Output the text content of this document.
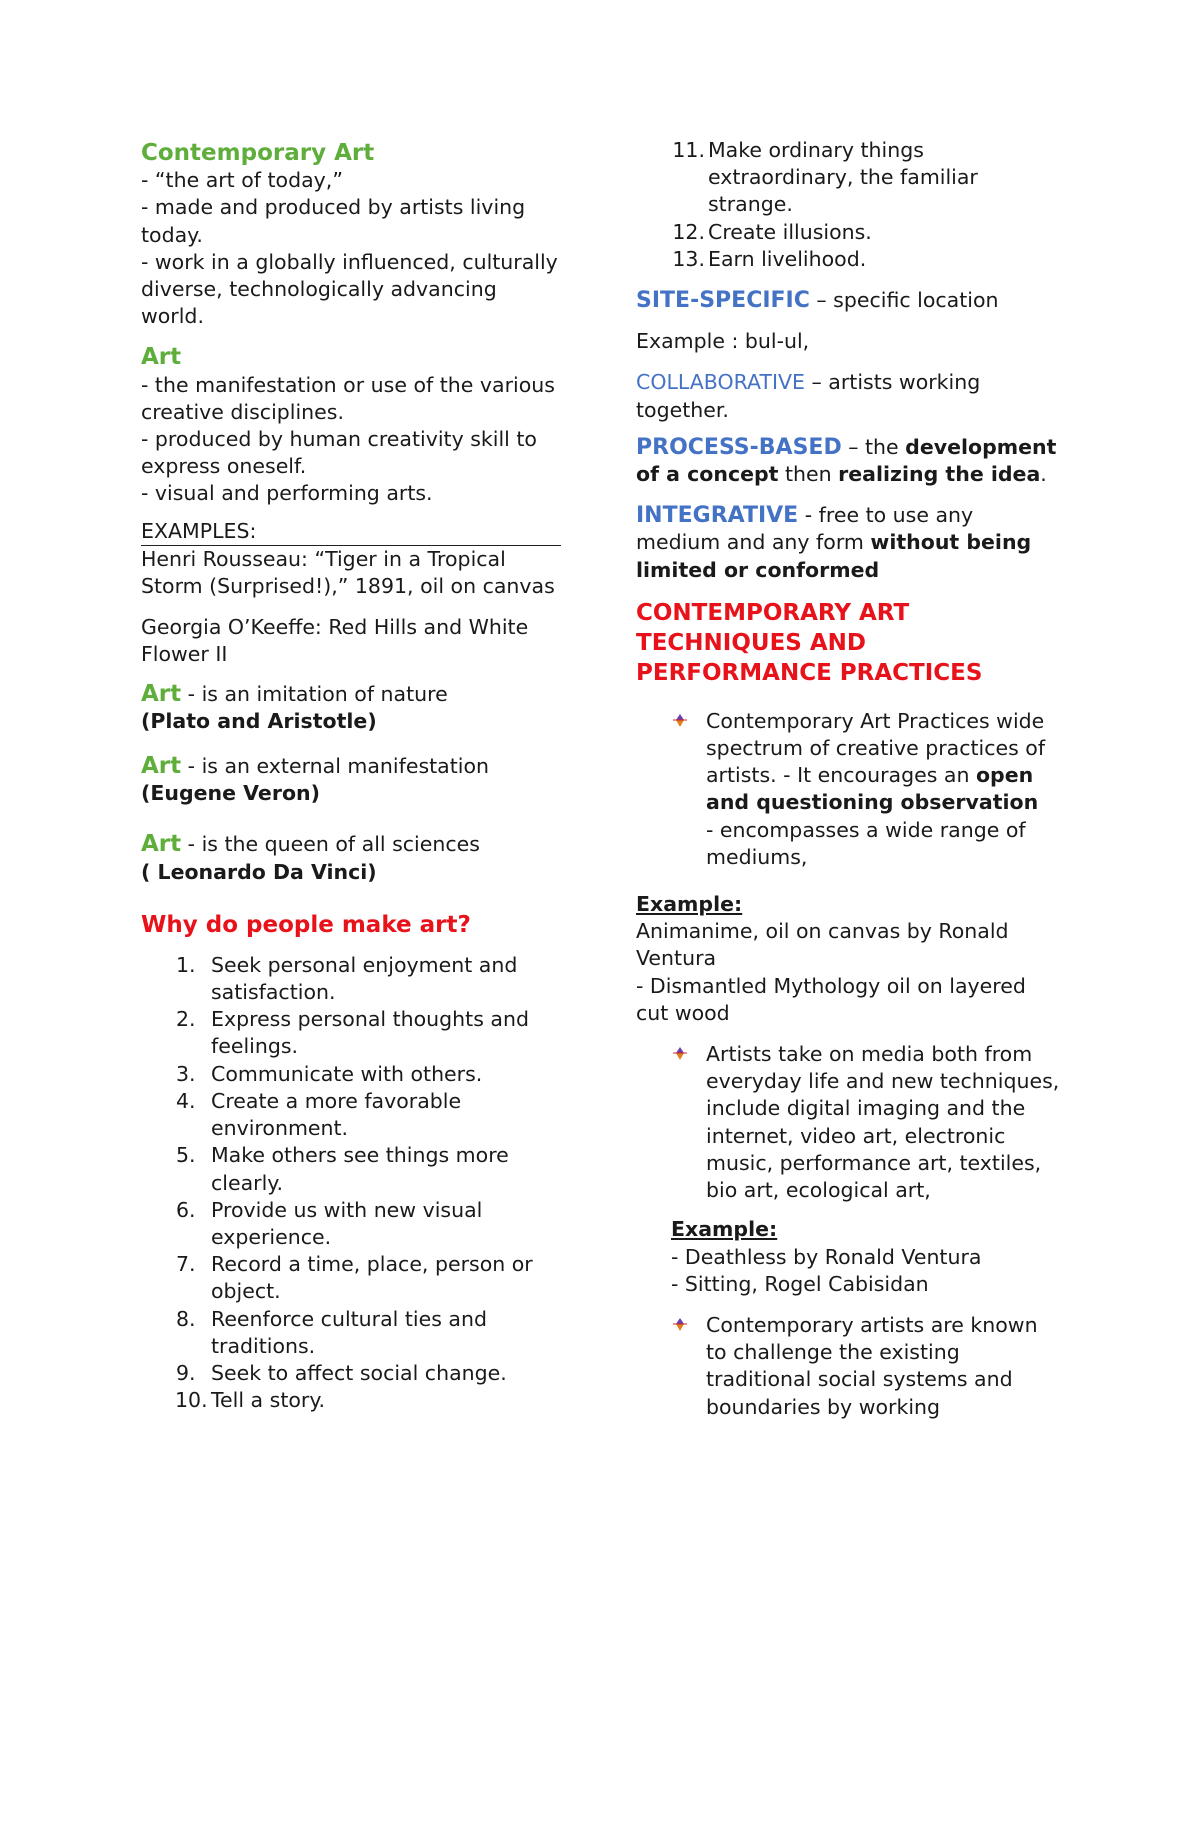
Contemporary Art

- “the art of today,”

- made and produced by artists living today.

- work in a globally influenced, culturally diverse, technologically advancing world.

Art

- the manifestation or use of the various creative disciplines.

- produced by human creativity skill to express oneself.

- visual and performing arts.

EXAMPLES:

Henri Rousseau: “Tiger in a Tropical Storm (Surprised!),” 1891, oil on canvas

Georgia O’Keeffe: Red Hills and White Flower II

Art - is an imitation of nature

(Plato and Aristotle)

Art - is an external manifestation

(Eugene Veron)

Art - is the queen of all sciences

( Leonardo Da Vinci)

Why do people make art?

1. Seek personal enjoyment and satisfaction.
2. Express personal thoughts and feelings.
3. Communicate with others.
4. Create a more favorable environment.
5. Make others see things more clearly.
6. Provide us with new visual experience.
7. Record a time, place, person or object.
8. Reenforce cultural ties and traditions.
9. Seek to affect social change.
10. Tell a story.
11. Make ordinary things extraordinary, the familiar strange.
12. Create illusions.
13. Earn livelihood.

SITE-SPECIFIC – specific location

Example : bul-ul,

COLLABORATIVE – artists working together.

PROCESS-BASED – the development of a concept then realizing the idea.

INTEGRATIVE - free to use any medium and any form without being limited or conformed

CONTEMPORARY ART TECHNIQUES AND PERFORMANCE PRACTICES

Contemporary Art Practices wide spectrum of creative practices of artists. - It encourages an open and questioning observation
- encompasses a wide range of mediums,

Example:

Animanime, oil on canvas by Ronald Ventura

- Dismantled Mythology oil on layered cut wood

Artists take on media both from everyday life and new techniques, include digital imaging and the internet, video art, electronic music, performance art, textiles, bio art, ecological art,

Example:

- Deathless by Ronald Ventura

- Sitting, Rogel Cabisidan

Contemporary artists are known to challenge the existing traditional social systems and boundaries by working
